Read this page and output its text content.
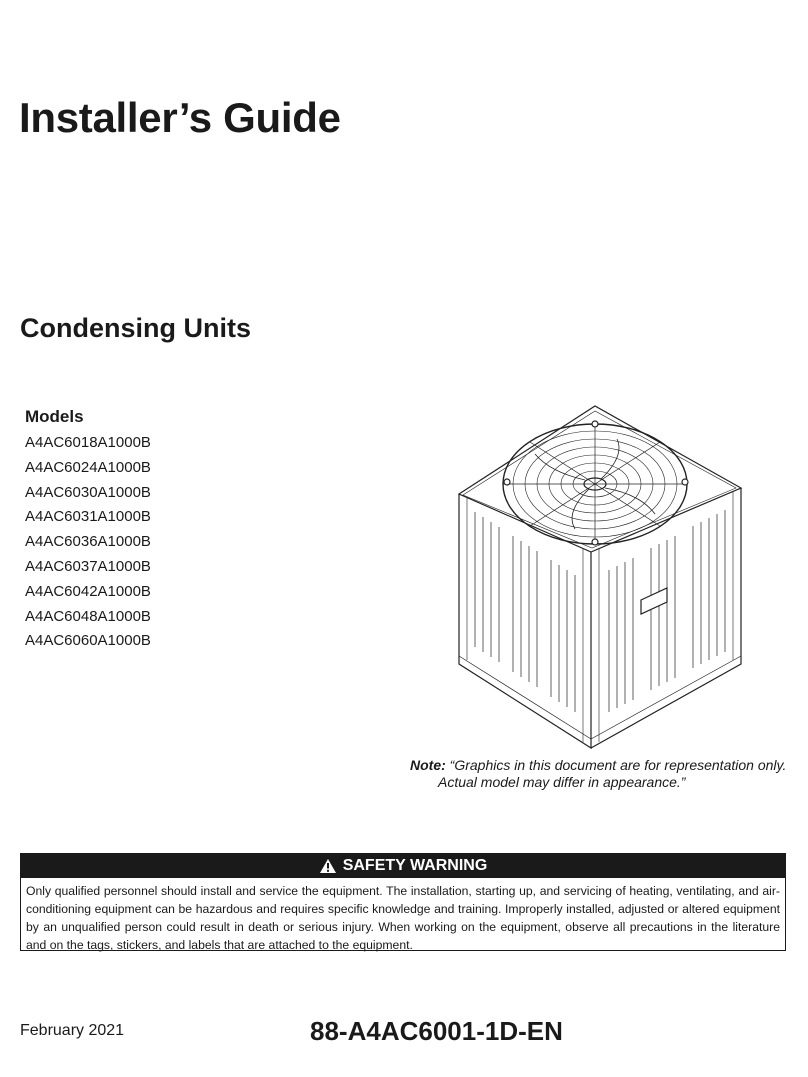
Installer’s Guide
Condensing Units
Models
A4AC6018A1000B
A4AC6024A1000B
A4AC6030A1000B
A4AC6031A1000B
A4AC6036A1000B
A4AC6037A1000B
A4AC6042A1000B
A4AC6048A1000B
A4AC6060A1000B
Note: “Graphics in this document are for representation only.
Actual model may differ in appearance.”
SAFETY WARNING
Only qualified personnel should install and service the equipment. The installation, starting up, and servicing of heating, ventilating, and air-conditioning equipment can be hazardous and requires specific knowledge and training. Improperly installed, adjusted or altered equipment by an unqualified person could result in death or serious injury. When working on the equipment, observe all precautions in the literature and on the tags, stickers, and labels that are attached to the equipment.
February 2021	88-A4AC6001-1D-EN
